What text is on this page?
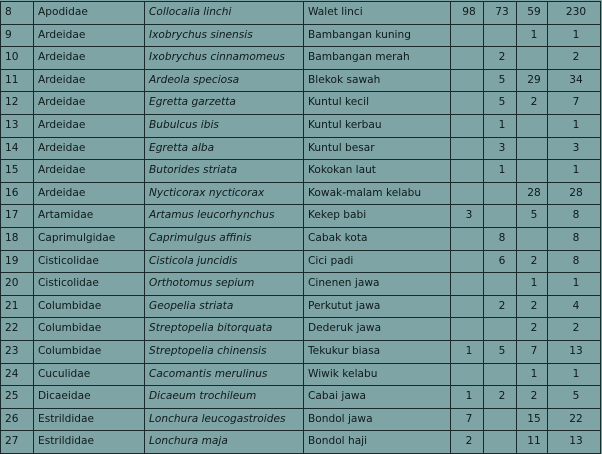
8	Apodidae	Collocalia linchi	Walet linci	98	73	59	230
9	Ardeidae	Ixobrychus sinensis	Bambangan kuning			1	1
10	Ardeidae	Ixobrychus cinnamomeus	Bambangan merah		2		2
11	Ardeidae	Ardeola speciosa	Blekok sawah		5	29	34
12	Ardeidae	Egretta garzetta	Kuntul kecil		5	2	7
13	Ardeidae	Bubulcus ibis	Kuntul kerbau		1		1
14	Ardeidae	Egretta alba	Kuntul besar		3		3
15	Ardeidae	Butorides striata	Kokokan laut		1		1
16	Ardeidae	Nycticorax nycticorax	Kowak-malam kelabu			28	28
17	Artamidae	Artamus leucorhynchus	Kekep babi	3		5	8
18	Caprimulgidae	Caprimulgus affinis	Cabak kota		8		8
19	Cisticolidae	Cisticola juncidis	Cici padi		6	2	8
20	Cisticolidae	Orthotomus sepium	Cinenen jawa			1	1
21	Columbidae	Geopelia striata	Perkutut jawa		2	2	4
22	Columbidae	Streptopelia bitorquata	Dederuk jawa			2	2
23	Columbidae	Streptopelia chinensis	Tekukur biasa	1	5	7	13
24	Cuculidae	Cacomantis merulinus	Wiwik kelabu			1	1
25	Dicaeidae	Dicaeum trochileum	Cabai jawa	1	2	2	5
26	Estrildidae	Lonchura leucogastroides	Bondol jawa	7		15	22
27	Estrildidae	Lonchura maja	Bondol haji	2		11	13
